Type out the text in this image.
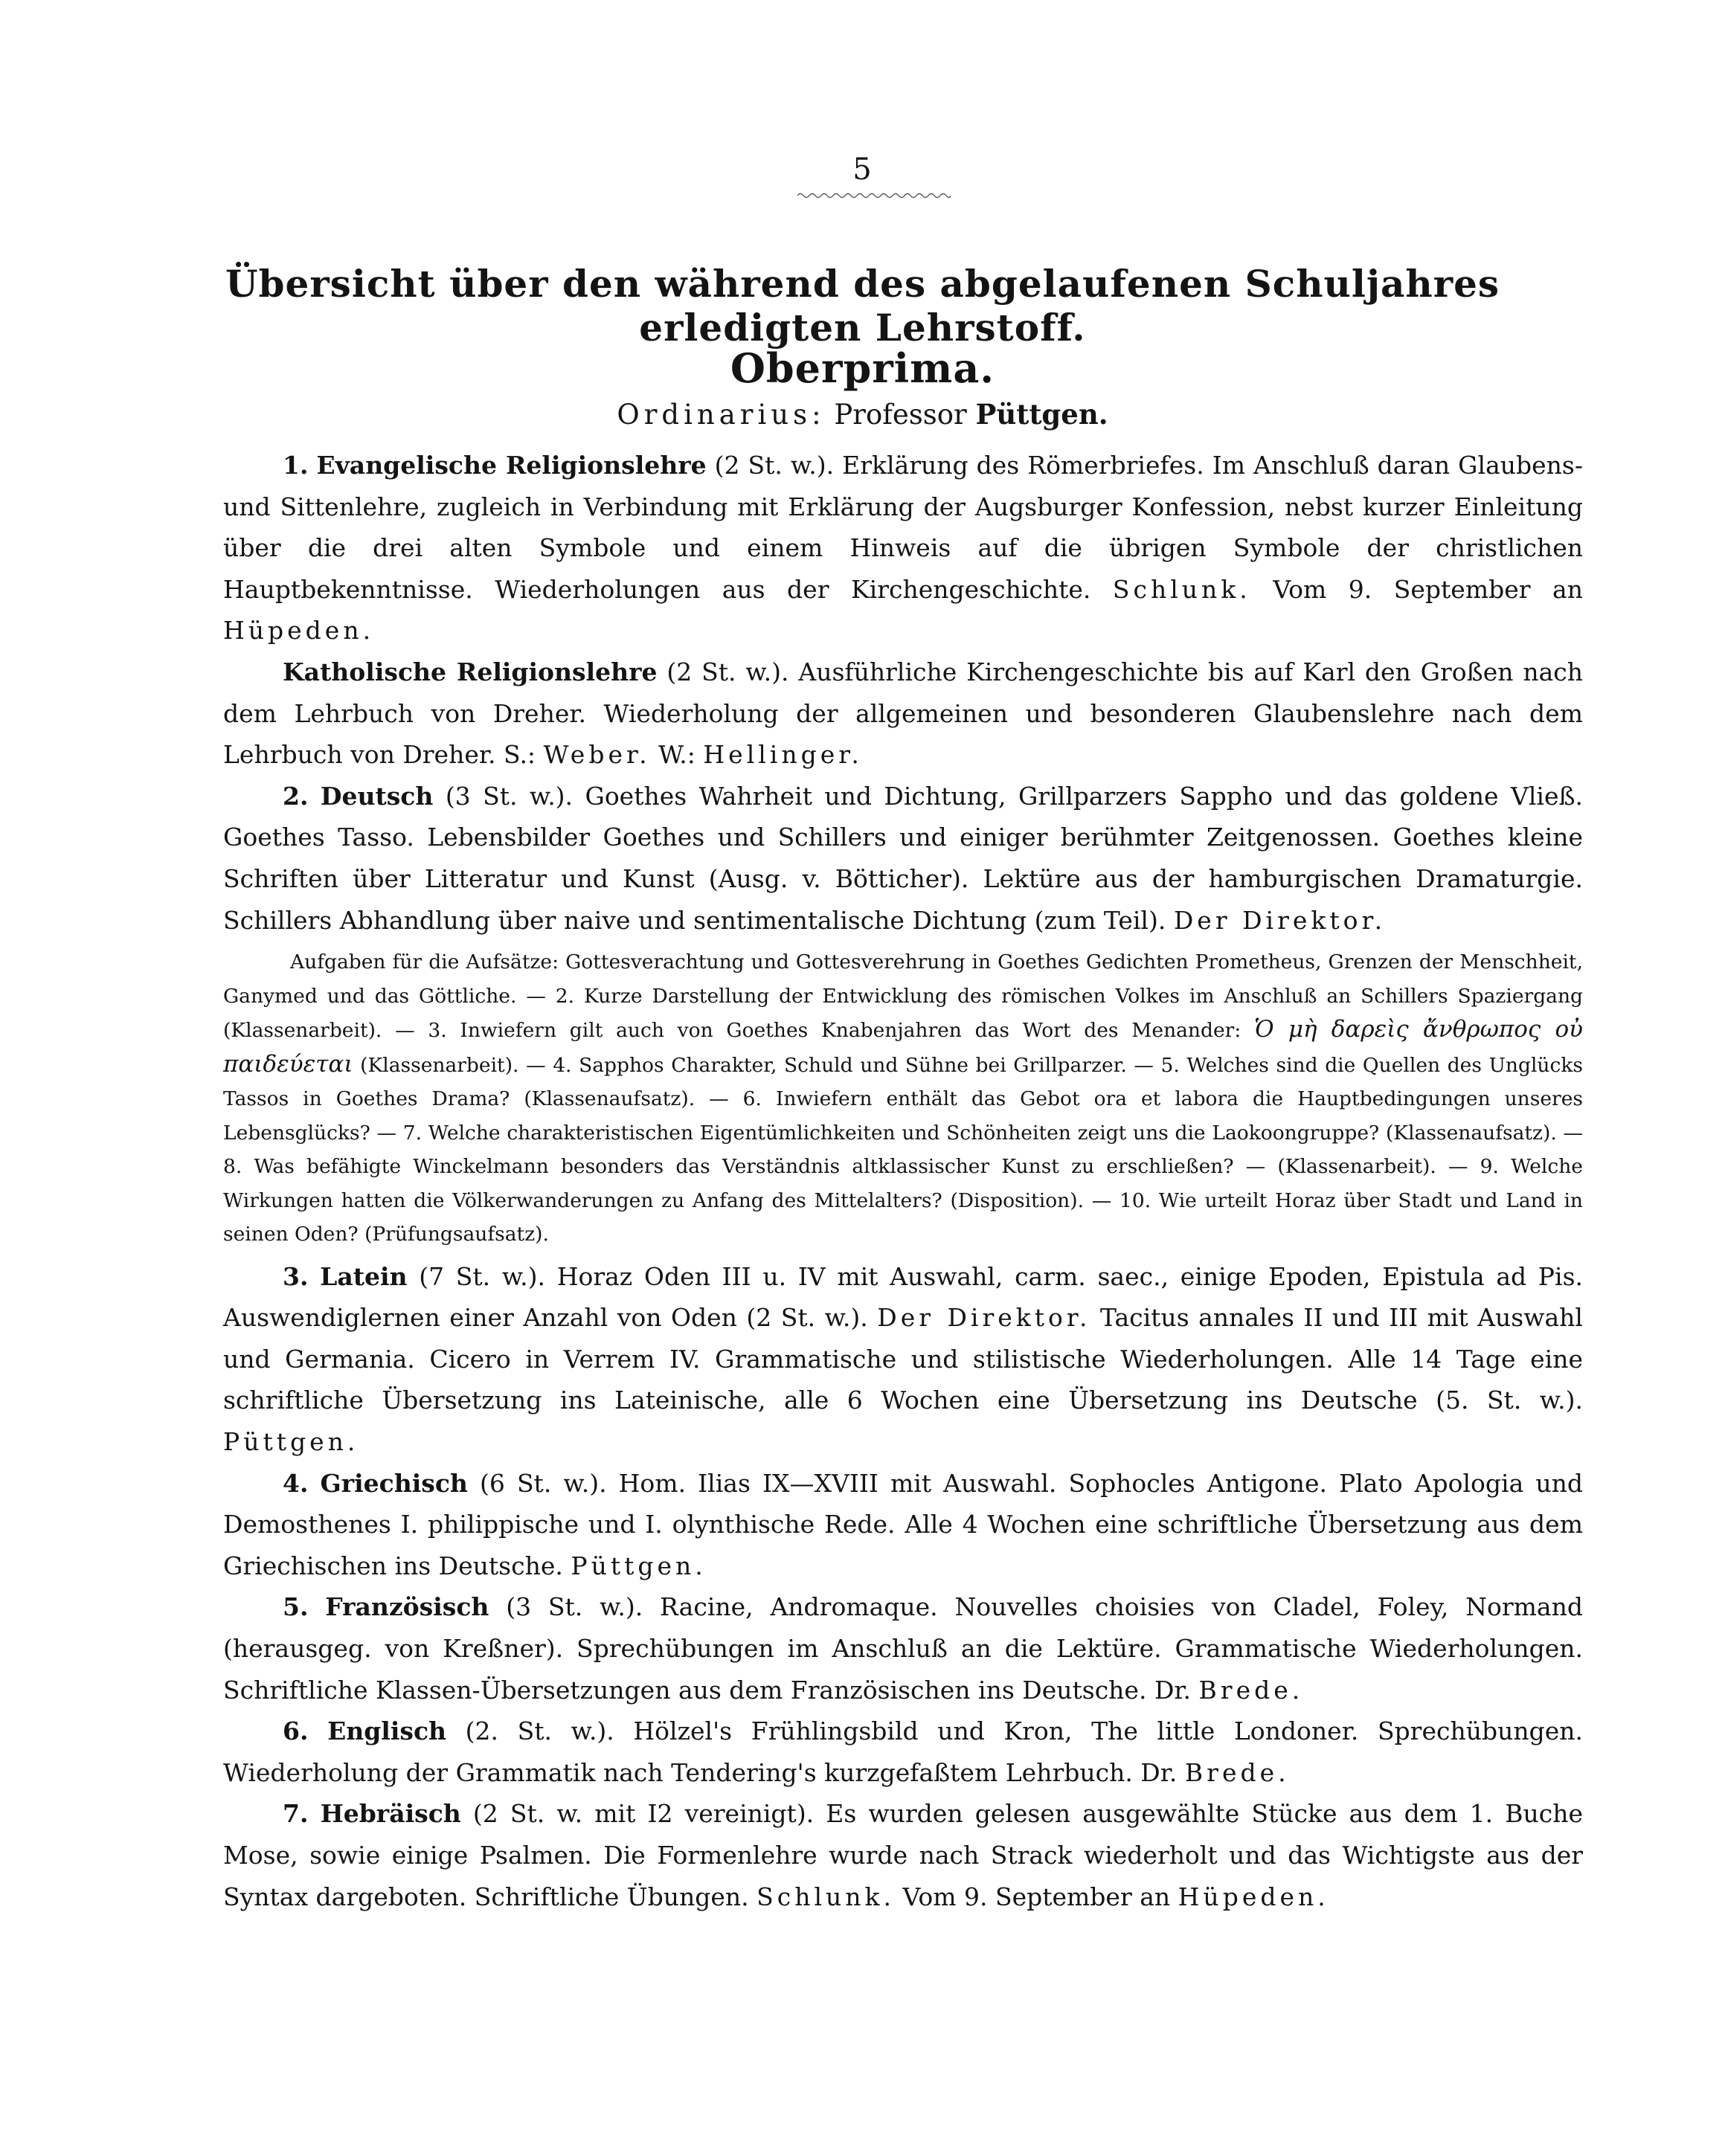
5
Übersicht über den während des abgelaufenen Schuljahres erledigten Lehrstoff.
Oberprima.
Ordinarius: Professor Püttgen.

1. Evangelische Religionslehre (2 St. w.). Erklärung des Römerbriefes. Im Anschluß daran Glaubens- und Sittenlehre, zugleich in Verbindung mit Erklärung der Augsburger Konfession, nebst kurzer Einleitung über die drei alten Symbole und einem Hinweis auf die übrigen Symbole der christlichen Hauptbekenntnisse. Wiederholungen aus der Kirchengeschichte. Schlunk. Vom 9. September an Hüpeden.

Katholische Religionslehre (2 St. w.). Ausführliche Kirchengeschichte bis auf Karl den Großen nach dem Lehrbuch von Dreher. Wiederholung der allgemeinen und besonderen Glaubenslehre nach dem Lehrbuch von Dreher. S.: Weber. W.: Hellinger.

2. Deutsch (3 St. w.). Goethes Wahrheit und Dichtung, Grillparzers Sappho und das goldene Vließ. Goethes Tasso. Lebensbilder Goethes und Schillers und einiger berühmter Zeitgenossen. Goethes kleine Schriften über Litteratur und Kunst (Ausg. v. Bötticher). Lektüre aus der hamburgischen Dramaturgie. Schillers Abhandlung über naive und sentimentalische Dichtung (zum Teil). Der Direktor.

Aufgaben für die Aufsätze: Gottesverachtung und Gottesverehrung in Goethes Gedichten Prometheus, Grenzen der Menschheit, Ganymed und das Göttliche. — 2. Kurze Darstellung der Entwicklung des römischen Volkes im Anschluß an Schillers Spaziergang (Klassenarbeit). — 3. Inwiefern gilt auch von Goethes Knabenjahren das Wort des Menander: Ὁ μὴ δαρεὶς ἄνθρωπος οὐ παιδεύεται (Klassenarbeit). — 4. Sapphos Charakter, Schuld und Sühne bei Grillparzer. — 5. Welches sind die Quellen des Unglücks Tassos in Goethes Drama? (Klassenaufsatz). — 6. Inwiefern enthält das Gebot ora et labora die Hauptbedingungen unseres Lebensglücks? — 7. Welche charakteristischen Eigentümlichkeiten und Schönheiten zeigt uns die Laokoongruppe? (Klassenaufsatz). — 8. Was befähigte Winckelmann besonders das Verständnis altklassischer Kunst zu erschließen? — (Klassenarbeit). — 9. Welche Wirkungen hatten die Völkerwanderungen zu Anfang des Mittelalters? (Disposition). — 10. Wie urteilt Horaz über Stadt und Land in seinen Oden? (Prüfungsaufsatz).

3. Latein (7 St. w.). Horaz Oden III u. IV mit Auswahl, carm. saec., einige Epoden, Epistula ad Pis. Auswendiglernen einer Anzahl von Oden (2 St. w.). Der Direktor. Tacitus annales II und III mit Auswahl und Germania. Cicero in Verrem IV. Grammatische und stilistische Wiederholungen. Alle 14 Tage eine schriftliche Übersetzung ins Lateinische, alle 6 Wochen eine Übersetzung ins Deutsche (5. St. w.). Püttgen.

4. Griechisch (6 St. w.). Hom. Ilias IX—XVIII mit Auswahl. Sophocles Antigone. Plato Apologia und Demosthenes I. philippische und I. olynthische Rede. Alle 4 Wochen eine schriftliche Übersetzung aus dem Griechischen ins Deutsche. Püttgen.

5. Französisch (3 St. w.). Racine, Andromaque. Nouvelles choisies von Cladel, Foley, Normand (herausgeg. von Kreßner). Sprechübungen im Anschluß an die Lektüre. Grammatische Wiederholungen. Schriftliche Klassen-Übersetzungen aus dem Französischen ins Deutsche. Dr. Brede.

6. Englisch (2. St. w.). Hölzel's Frühlingsbild und Kron, The little Londoner. Sprechübungen. Wiederholung der Grammatik nach Tendering's kurzgefaßtem Lehrbuch. Dr. Brede.

7. Hebräisch (2 St. w. mit I2 vereinigt). Es wurden gelesen ausgewählte Stücke aus dem 1. Buche Mose, sowie einige Psalmen. Die Formenlehre wurde nach Strack wiederholt und das Wichtigste aus der Syntax dargeboten. Schriftliche Übungen. Schlunk. Vom 9. September an Hüpeden.
